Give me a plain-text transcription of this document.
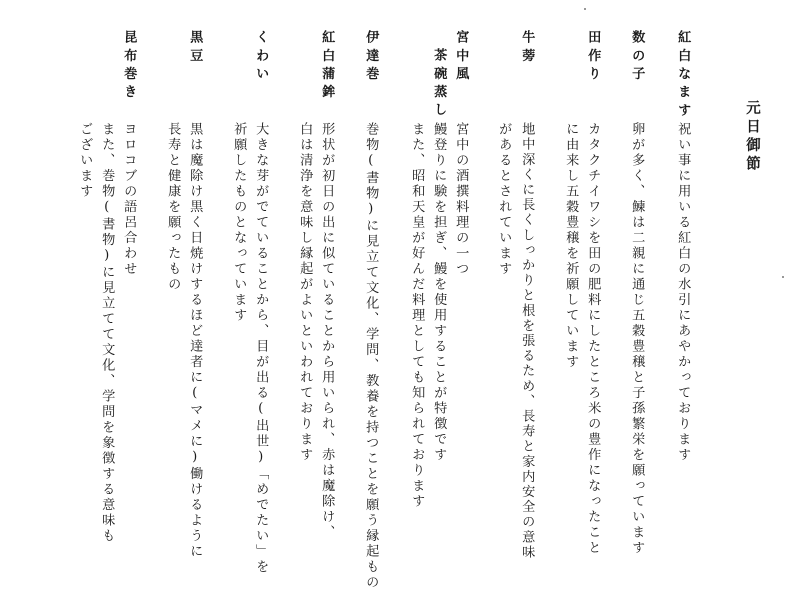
元日御節
紅白なます
祝い事に用いる紅白の水引にあやかっております
数の子
卵が多く、鰊は二親に通じ五穀豊穣と子孫繁栄を願っています
田作り
カタクチイワシを田の肥料にしたところ米の豊作になったこと
に由来し五穀豊穣を祈願しています
牛蒡
地中深くに長くしっかりと根を張るため、長寿と家内安全の意味
があるとされています
宮中風
茶碗蒸し
宮中の酒撰料理の一つ
鰻登りに験を担ぎ、鰻を使用することが特徴です
また、昭和天皇が好んだ料理としても知られております
伊達巻
巻物(書物)に見立て文化、学問、教養を持つことを願う縁起もの
紅白蒲鉾
形状が初日の出に似ていることから用いられ、赤は魔除け、
白は清浄を意味し縁起がよいといわれております
くわい
大きな芽がでていることから、目が出る(出世)「めでたい」を
祈願したものとなっています
黒豆
黒は魔除け黒く日焼けするほど達者に(マメに)働けるように
長寿と健康を願ったもの
昆布巻き
ヨロコブの語呂合わせ
また、巻物(書物)に見立てて文化、学問を象徴する意味も
ございます
